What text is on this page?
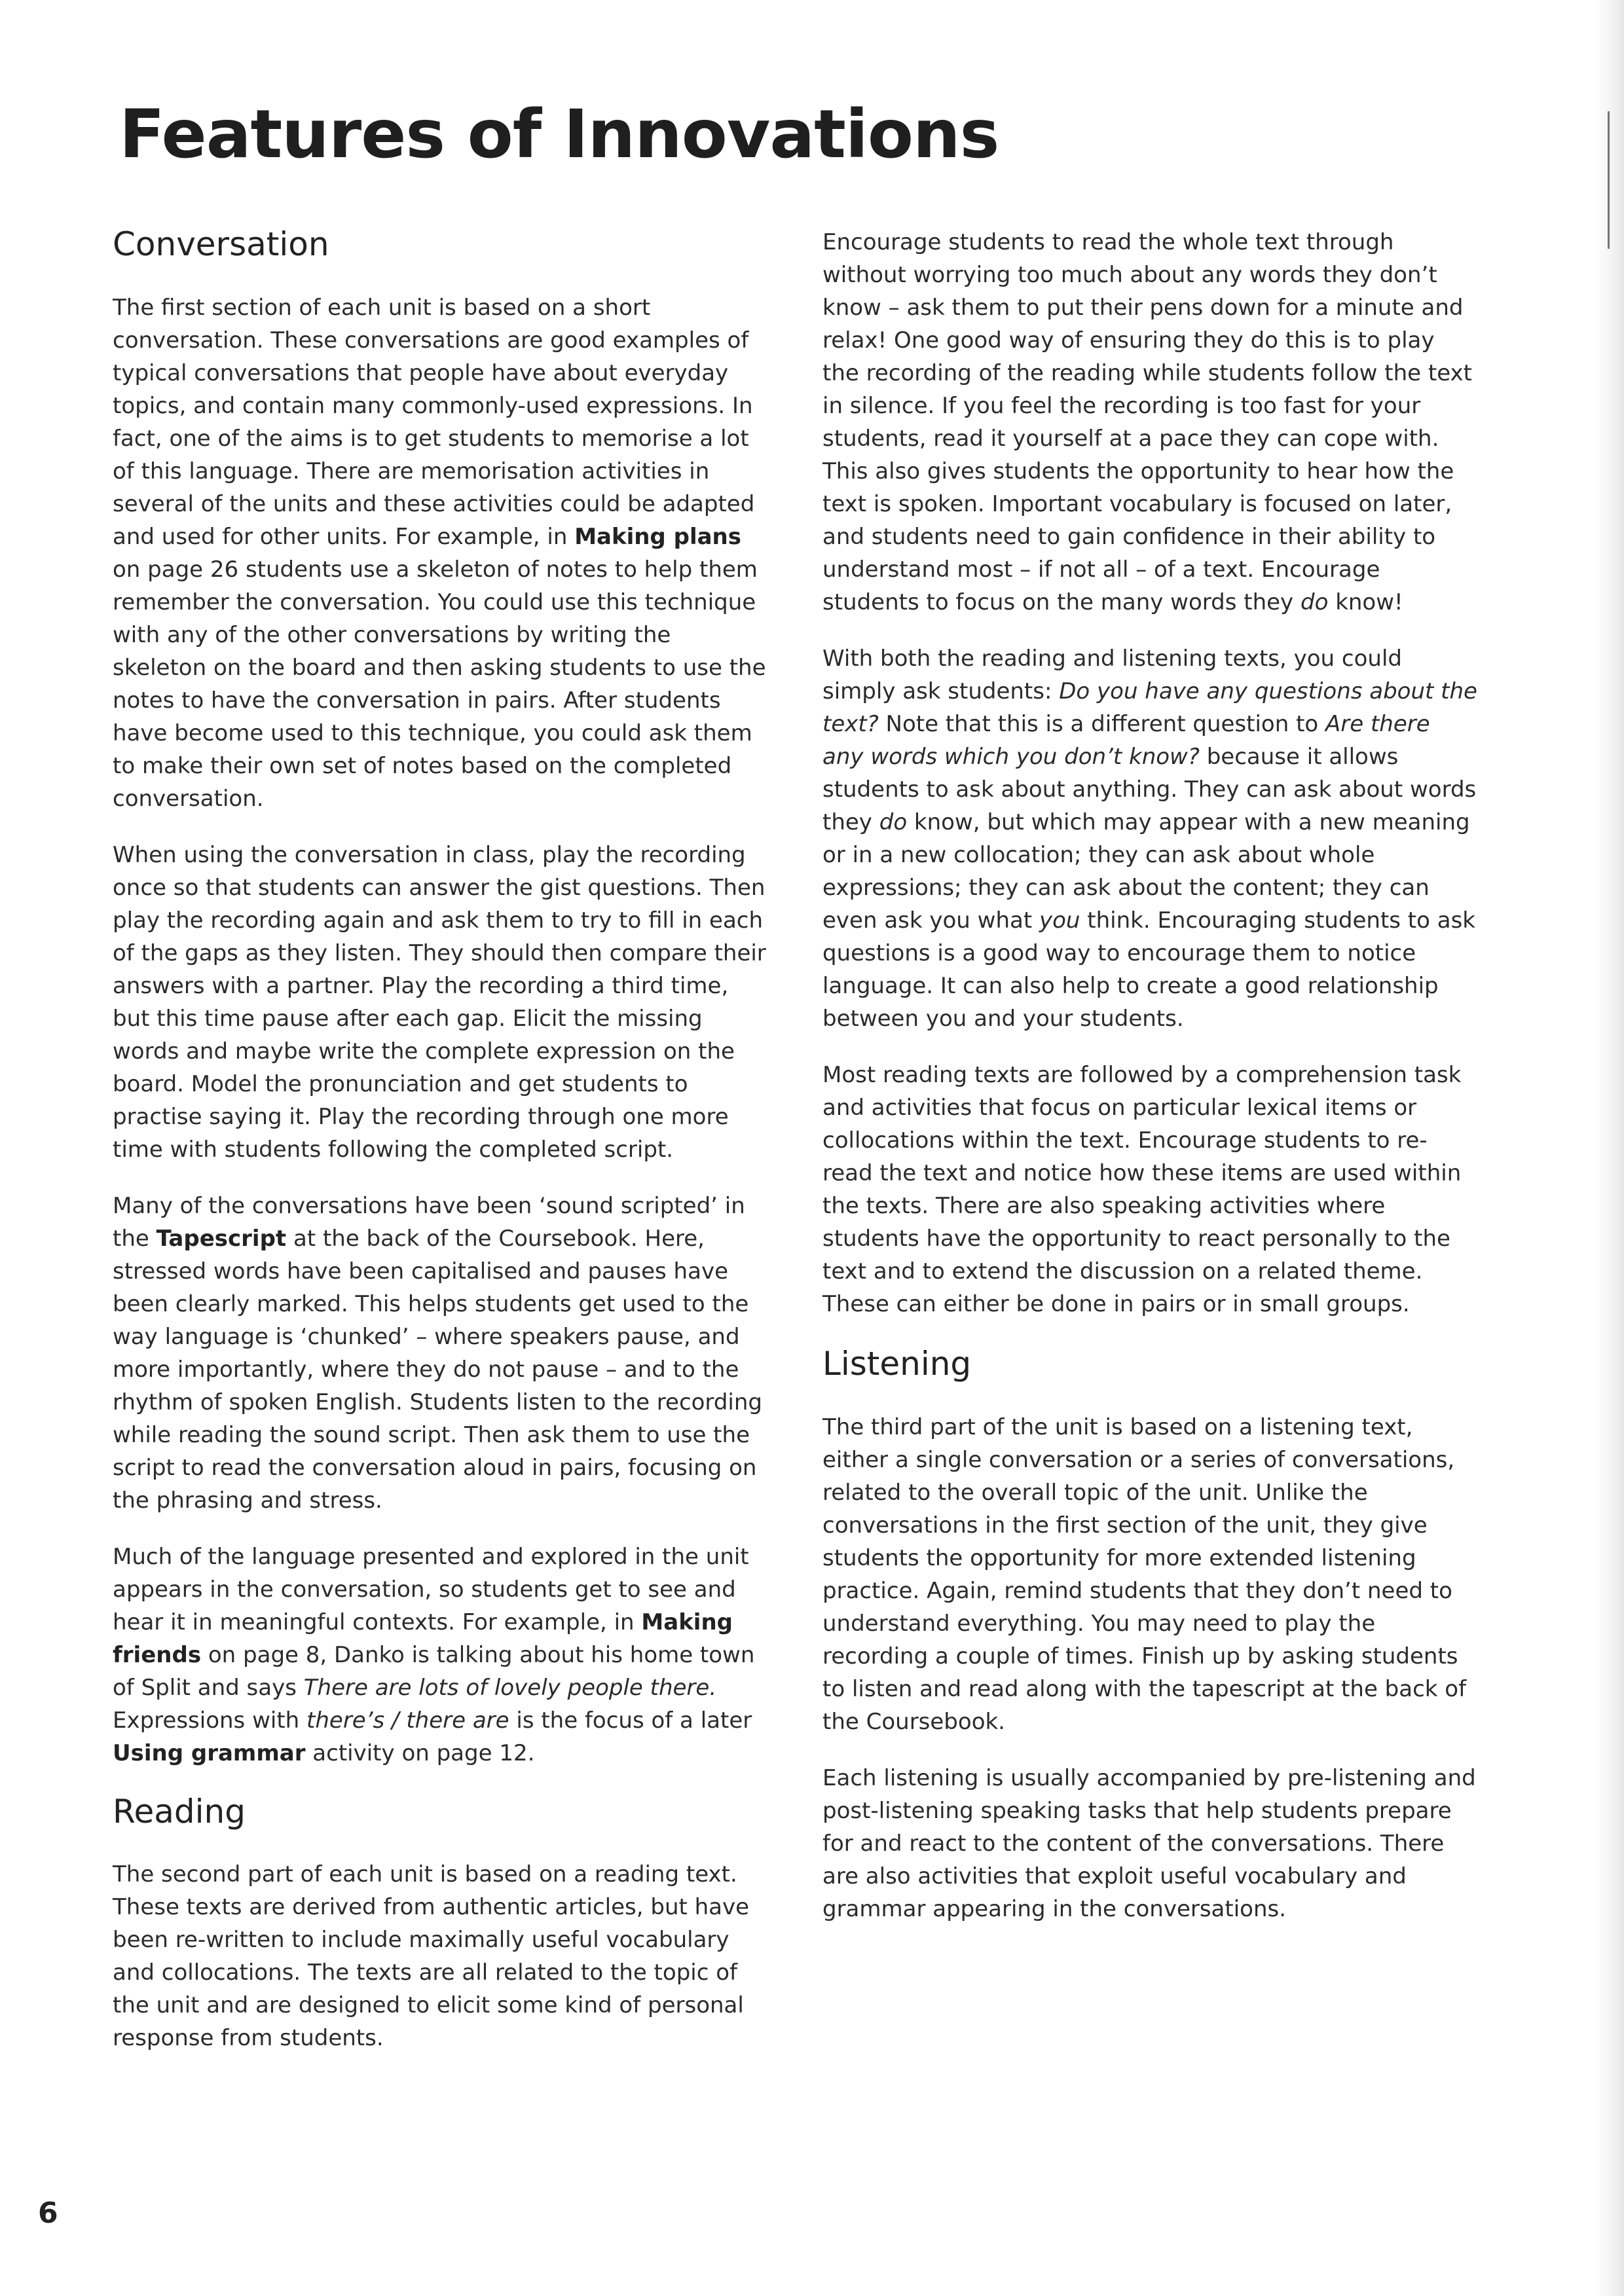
Features of Innovations
Conversation

The first section of each unit is based on a short conversation. These conversations are good examples of typical conversations that people have about everyday topics, and contain many commonly-used expressions. In fact, one of the aims is to get students to memorise a lot of this language. There are memorisation activities in several of the units and these activities could be adapted and used for other units. For example, in Making plans on page 26 students use a skeleton of notes to help them remember the conversation. You could use this technique with any of the other conversations by writing the skeleton on the board and then asking students to use the notes to have the conversation in pairs. After students have become used to this technique, you could ask them to make their own set of notes based on the completed conversation.

When using the conversation in class, play the recording once so that students can answer the gist questions. Then play the recording again and ask them to try to fill in each of the gaps as they listen. They should then compare their answers with a partner. Play the recording a third time, but this time pause after each gap. Elicit the missing words and maybe write the complete expression on the board. Model the pronunciation and get students to practise saying it. Play the recording through one more time with students following the completed script.

Many of the conversations have been ‘sound scripted’ in the Tapescript at the back of the Coursebook. Here, stressed words have been capitalised and pauses have been clearly marked. This helps students get used to the way language is ‘chunked’ – where speakers pause, and more importantly, where they do not pause – and to the rhythm of spoken English. Students listen to the recording while reading the sound script. Then ask them to use the script to read the conversation aloud in pairs, focusing on the phrasing and stress.

Much of the language presented and explored in the unit appears in the conversation, so students get to see and hear it in meaningful contexts. For example, in Making friends on page 8, Danko is talking about his home town of Split and says There are lots of lovely people there. Expressions with there’s / there are is the focus of a later Using grammar activity on page 12.

Reading

The second part of each unit is based on a reading text. These texts are derived from authentic articles, but have been re-written to include maximally useful vocabulary and collocations. The texts are all related to the topic of the unit and are designed to elicit some kind of personal response from students.

Encourage students to read the whole text through without worrying too much about any words they don’t know – ask them to put their pens down for a minute and relax! One good way of ensuring they do this is to play the recording of the reading while students follow the text in silence. If you feel the recording is too fast for your students, read it yourself at a pace they can cope with. This also gives students the opportunity to hear how the text is spoken. Important vocabulary is focused on later, and students need to gain confidence in their ability to understand most – if not all – of a text. Encourage students to focus on the many words they do know!

With both the reading and listening texts, you could simply ask students: Do you have any questions about the text? Note that this is a different question to Are there any words which you don’t know? because it allows students to ask about anything. They can ask about words they do know, but which may appear with a new meaning or in a new collocation; they can ask about whole expressions; they can ask about the content; they can even ask you what you think. Encouraging students to ask questions is a good way to encourage them to notice language. It can also help to create a good relationship between you and your students.

Most reading texts are followed by a comprehension task and activities that focus on particular lexical items or collocations within the text. Encourage students to re-read the text and notice how these items are used within the texts. There are also speaking activities where students have the opportunity to react personally to the text and to extend the discussion on a related theme. These can either be done in pairs or in small groups.

Listening

The third part of the unit is based on a listening text, either a single conversation or a series of conversations, related to the overall topic of the unit. Unlike the conversations in the first section of the unit, they give students the opportunity for more extended listening practice. Again, remind students that they don’t need to understand everything. You may need to play the recording a couple of times. Finish up by asking students to listen and read along with the tapescript at the back of the Coursebook.

Each listening is usually accompanied by pre-listening and post-listening speaking tasks that help students prepare for and react to the content of the conversations. There are also activities that exploit useful vocabulary and grammar appearing in the conversations.

6
